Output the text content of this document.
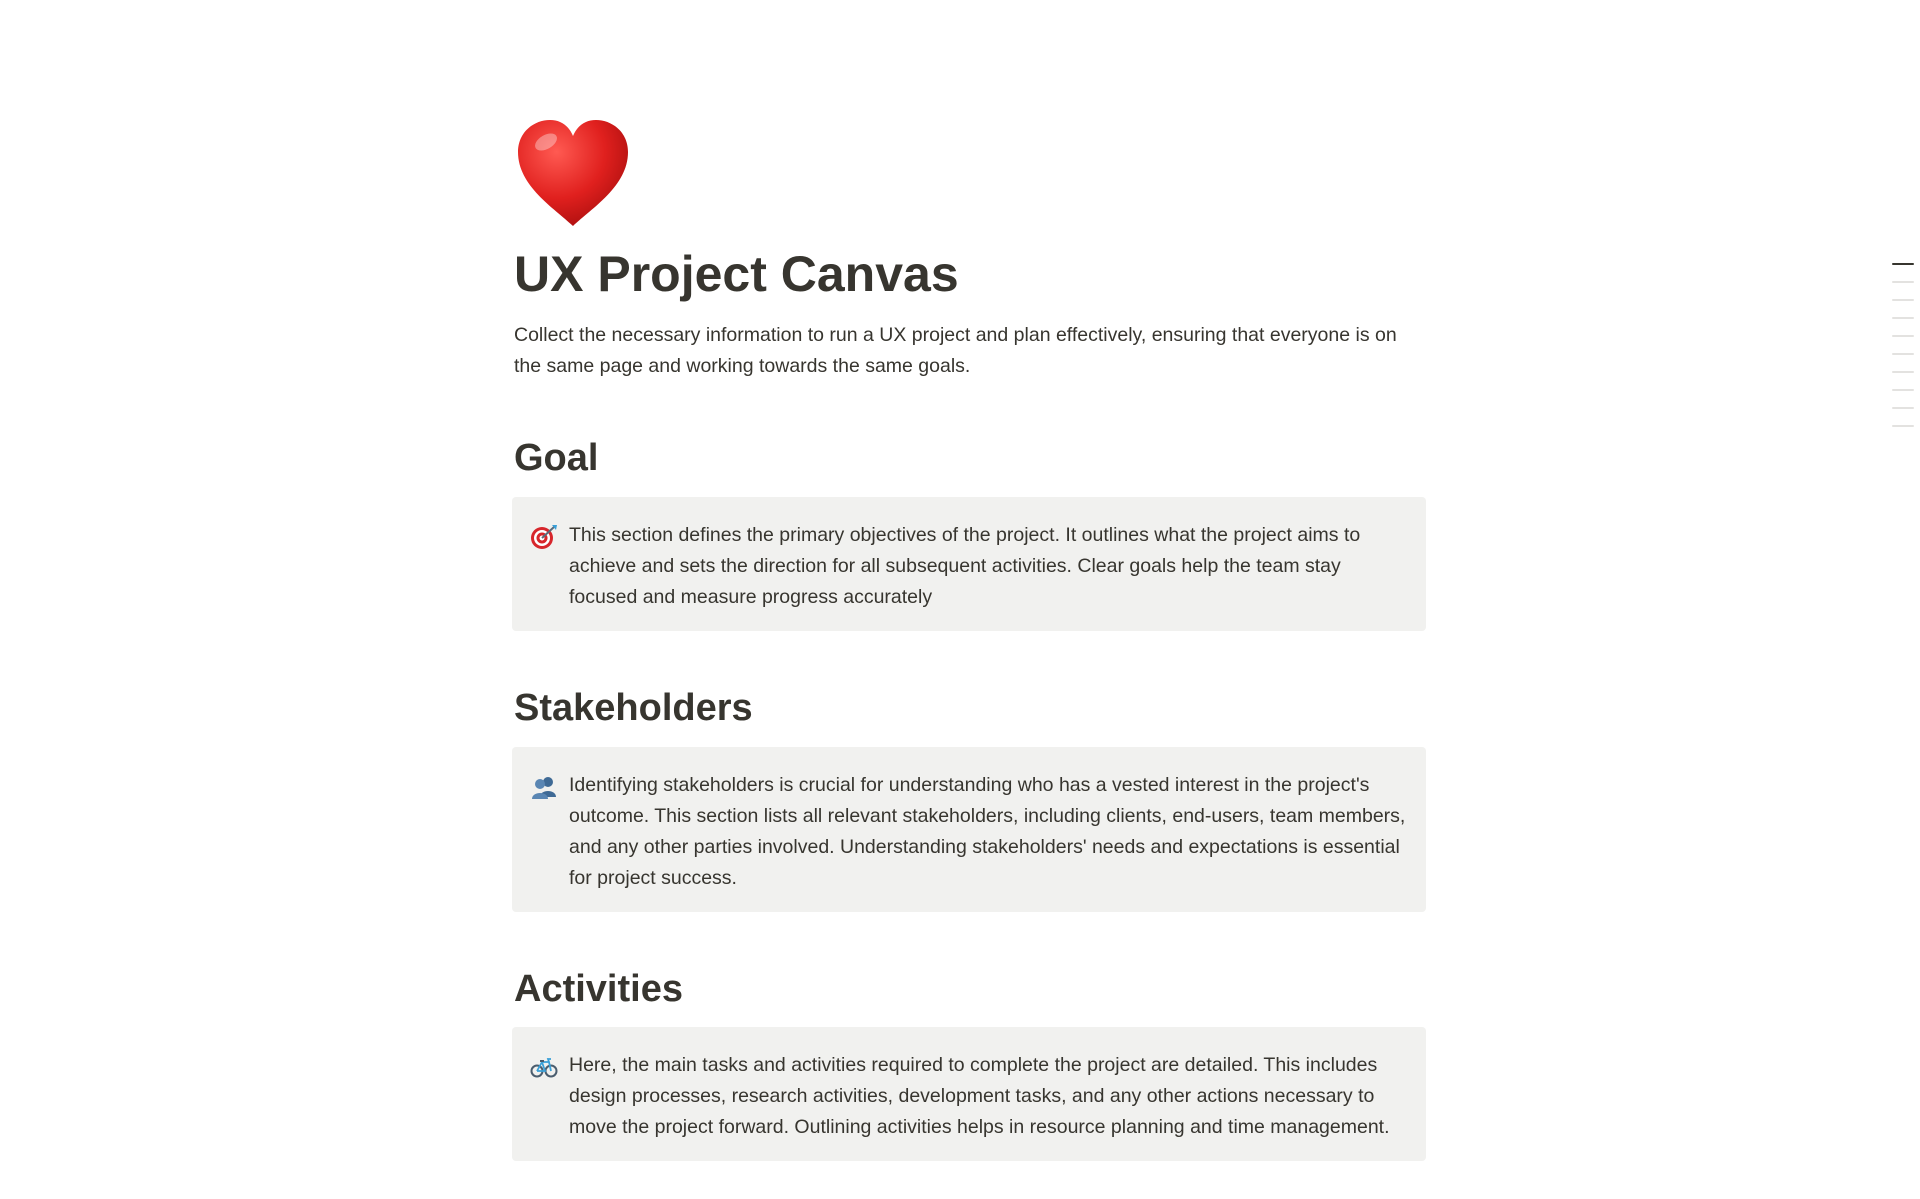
UX Project Canvas

Collect the necessary information to run a UX project and plan effectively, ensuring that everyone is on the same page and working towards the same goals.

Goal

This section defines the primary objectives of the project. It outlines what the project aims to achieve and sets the direction for all subsequent activities. Clear goals help the team stay focused and measure progress accurately

Stakeholders

Identifying stakeholders is crucial for understanding who has a vested interest in the project's outcome. This section lists all relevant stakeholders, including clients, end-users, team members, and any other parties involved. Understanding stakeholders' needs and expectations is essential for project success.

Activities

Here, the main tasks and activities required to complete the project are detailed. This includes design processes, research activities, development tasks, and any other actions necessary to move the project forward. Outlining activities helps in resource planning and time management.
